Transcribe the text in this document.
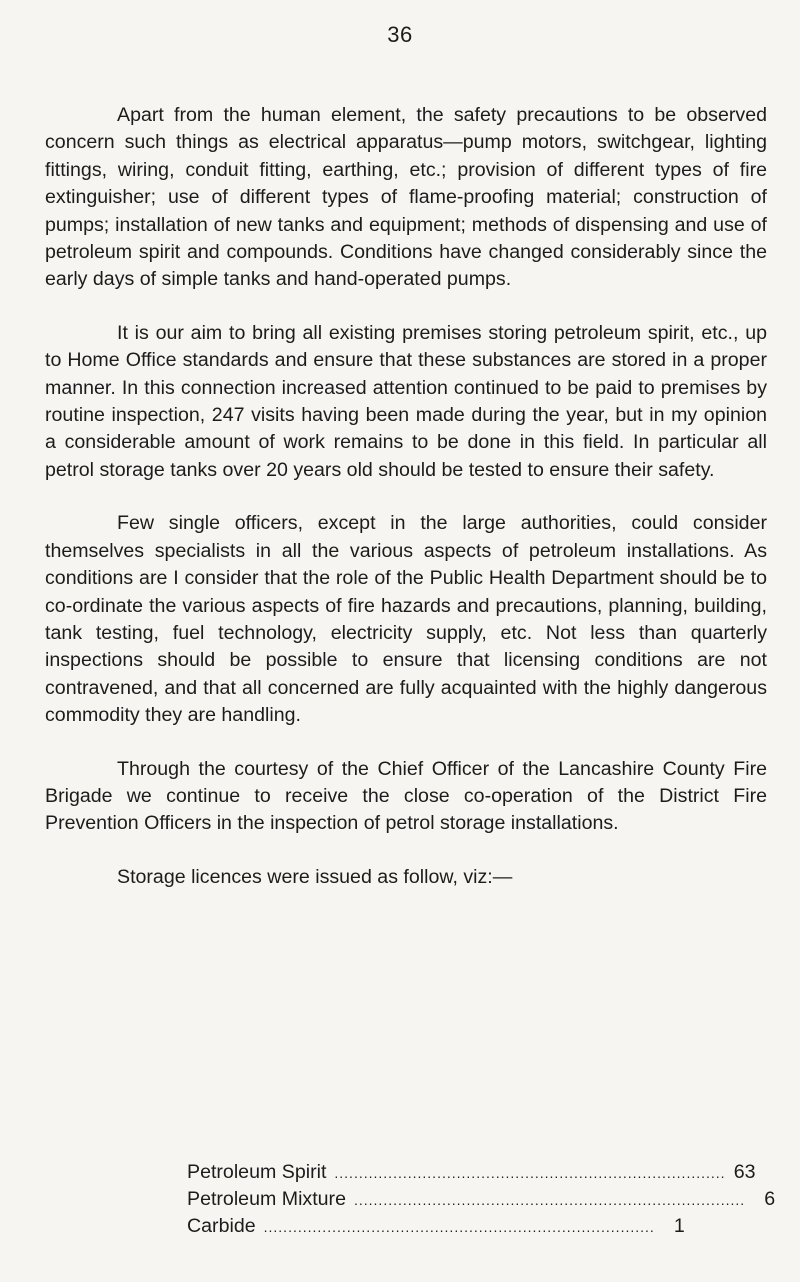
36

Apart from the human element, the safety precautions to be observed concern such things as electrical apparatus—pump motors, switchgear, lighting fittings, wiring, conduit fitting, earthing, etc.; provision of different types of fire extinguisher; use of different types of flame-proofing material; construction of pumps; installation of new tanks and equipment; methods of dispensing and use of petroleum spirit and compounds. Conditions have changed considerably since the early days of simple tanks and hand-operated pumps.

It is our aim to bring all existing premises storing petroleum spirit, etc., up to Home Office standards and ensure that these substances are stored in a proper manner. In this connection increased attention continued to be paid to premises by routine inspection, 247 visits having been made during the year, but in my opinion a considerable amount of work remains to be done in this field. In particular all petrol storage tanks over 20 years old should be tested to ensure their safety.

Few single officers, except in the large authorities, could consider themselves specialists in all the various aspects of petroleum installations. As conditions are I consider that the role of the Public Health Department should be to co-ordinate the various aspects of fire hazards and precautions, planning, building, tank testing, fuel technology, electricity supply, etc. Not less than quarterly inspections should be possible to ensure that licensing conditions are not contravened, and that all concerned are fully acquainted with the highly dangerous commodity they are handling.

Through the courtesy of the Chief Officer of the Lancashire County Fire Brigade we continue to receive the close co-operation of the District Fire Prevention Officers in the inspection of petrol storage installations.

Storage licences were issued as follow, viz:—

Petroleum Spirit ................................................................................ 63
Petroleum Mixture ................................................................................ 6
Carbide ................................................................................ 1
